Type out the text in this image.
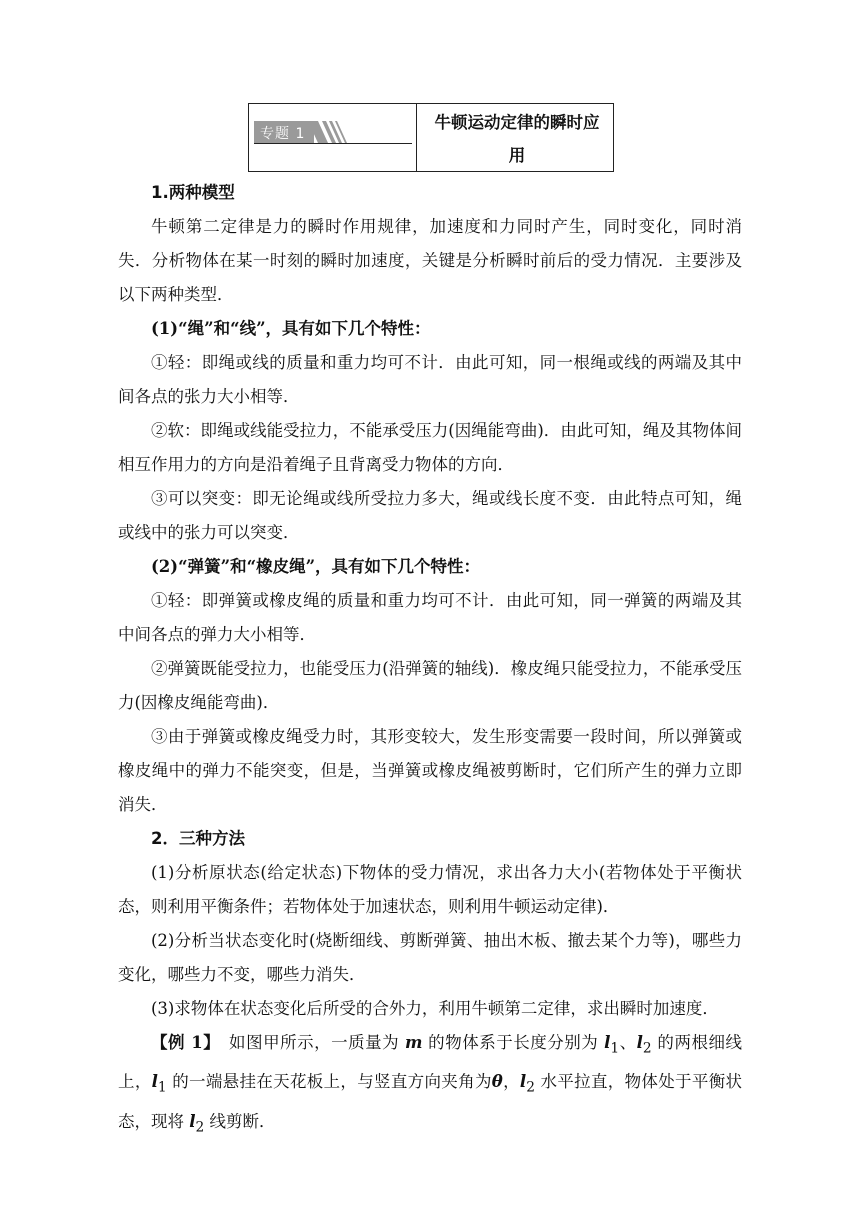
专题 1
牛顿运动定律的瞬时应用

1.两种模型

牛顿第二定律是力的瞬时作用规律，加速度和力同时产生，同时变化，同时消失．分析物体在某一时刻的瞬时加速度，关键是分析瞬时前后的受力情况．主要涉及以下两种类型．

(1)“绳”和“线”，具有如下几个特性：

①轻：即绳或线的质量和重力均可不计．由此可知，同一根绳或线的两端及其中间各点的张力大小相等．

②软：即绳或线能受拉力，不能承受压力(因绳能弯曲)．由此可知，绳及其物体间相互作用力的方向是沿着绳子且背离受力物体的方向．

③可以突变：即无论绳或线所受拉力多大，绳或线长度不变．由此特点可知，绳或线中的张力可以突变．

(2)“弹簧”和“橡皮绳”，具有如下几个特性：

①轻：即弹簧或橡皮绳的质量和重力均可不计．由此可知，同一弹簧的两端及其中间各点的弹力大小相等．

②弹簧既能受拉力，也能受压力(沿弹簧的轴线)．橡皮绳只能受拉力，不能承受压力(因橡皮绳能弯曲)．

③由于弹簧或橡皮绳受力时，其形变较大，发生形变需要一段时间，所以弹簧或橡皮绳中的弹力不能突变，但是，当弹簧或橡皮绳被剪断时，它们所产生的弹力立即消失．

2．三种方法

(1)分析原状态(给定状态)下物体的受力情况，求出各力大小(若物体处于平衡状态，则利用平衡条件；若物体处于加速状态，则利用牛顿运动定律)．

(2)分析当状态变化时(烧断细线、剪断弹簧、抽出木板、撤去某个力等)，哪些力变化，哪些力不变，哪些力消失．

(3)求物体在状态变化后所受的合外力，利用牛顿第二定律，求出瞬时加速度．

【例 1】　如图甲所示，一质量为 m 的物体系于长度分别为 $l_1$、$l_2$ 的两根细线上，$l_1$ 的一端悬挂在天花板上，与竖直方向夹角为θ，$l_2$ 水平拉直，物体处于平衡状态，现将 $l_2$ 线剪断．
